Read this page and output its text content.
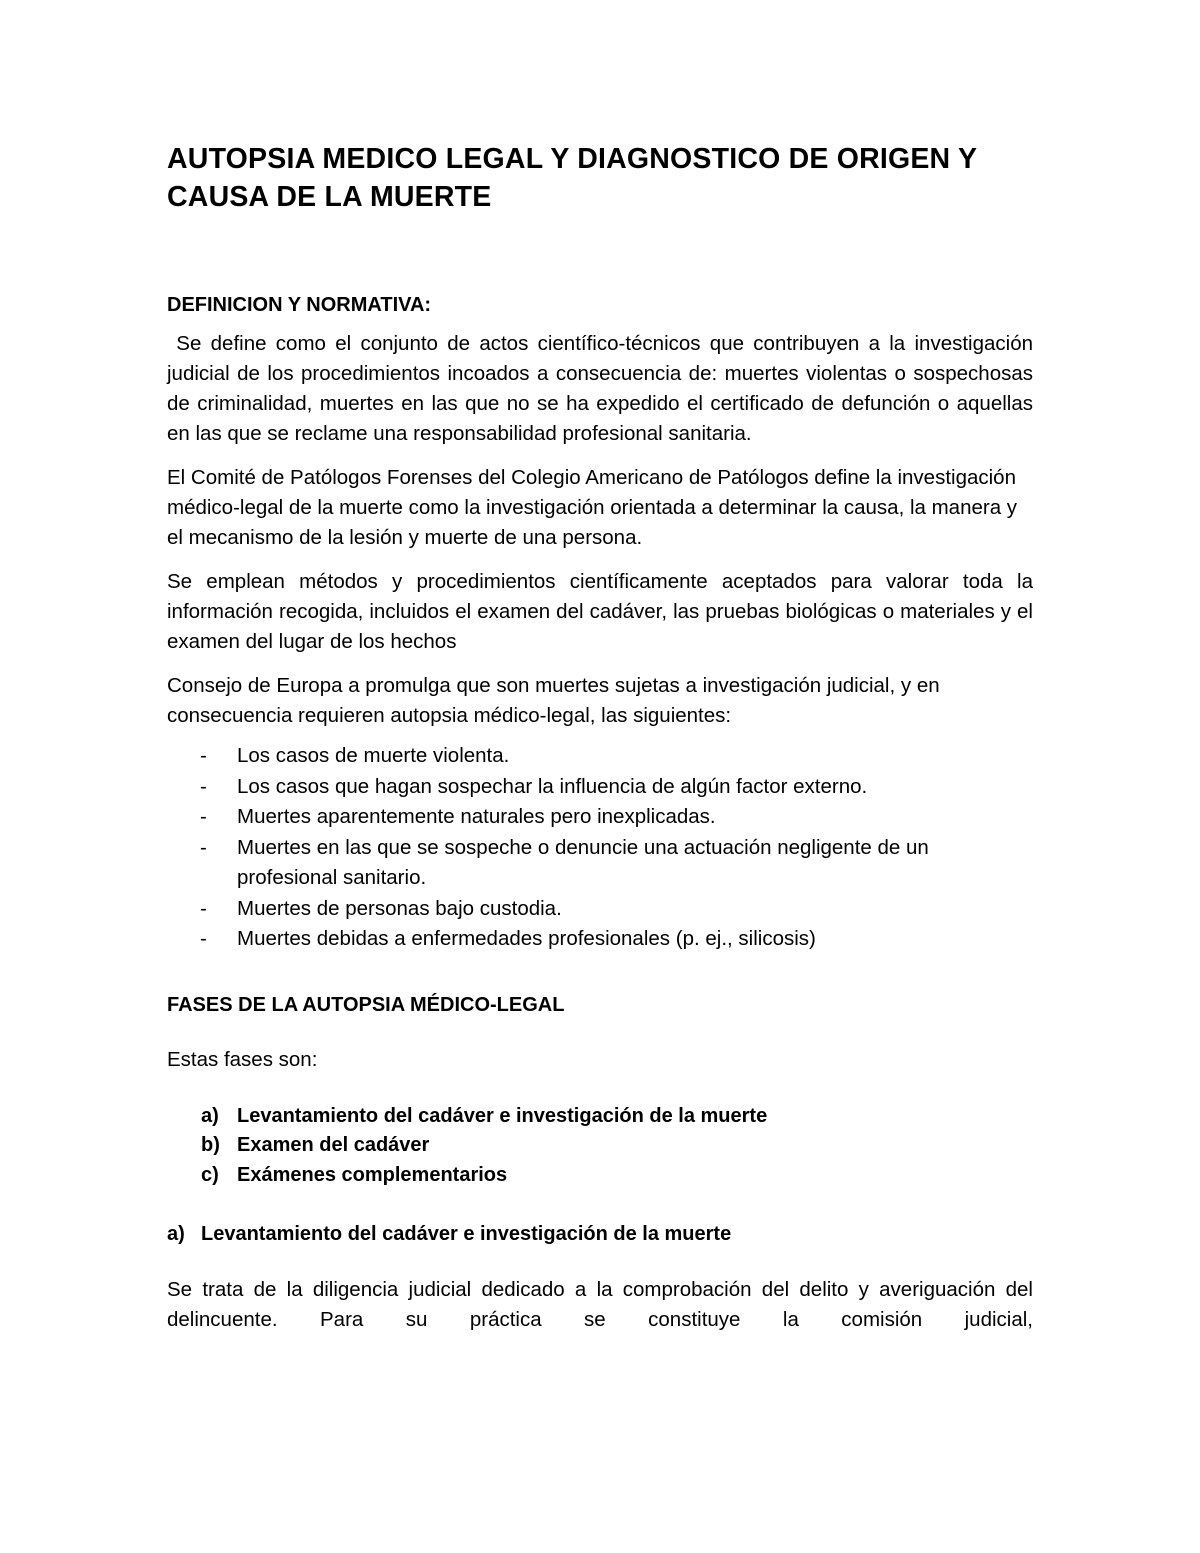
AUTOPSIA MEDICO LEGAL Y DIAGNOSTICO DE ORIGEN Y CAUSA DE LA MUERTE
DEFINICION Y NORMATIVA:

Se define como el conjunto de actos científico-técnicos que contribuyen a la investigación judicial de los procedimientos incoados a consecuencia de: muertes violentas o sospechosas de criminalidad, muertes en las que no se ha expedido el certificado de defunción o aquellas en las que se reclame una responsabilidad profesional sanitaria.

El Comité de Patólogos Forenses del Colegio Americano de Patólogos define la investigación médico-legal de la muerte como la investigación orientada a determinar la causa, la manera y el mecanismo de la lesión y muerte de una persona.

Se emplean métodos y procedimientos científicamente aceptados para valorar toda la información recogida, incluidos el examen del cadáver, las pruebas biológicas o materiales y el examen del lugar de los hechos

Consejo de Europa a promulga que son muertes sujetas a investigación judicial, y en consecuencia requieren autopsia médico-legal, las siguientes:

- Los casos de muerte violenta.
- Los casos que hagan sospechar la influencia de algún factor externo.
- Muertes aparentemente naturales pero inexplicadas.
- Muertes en las que se sospeche o denuncie una actuación negligente de un profesional sanitario.
- Muertes de personas bajo custodia.
- Muertes debidas a enfermedades profesionales (p. ej., silicosis)
FASES DE LA AUTOPSIA MÉDICO-LEGAL

Estas fases son:

a) Levantamiento del cadáver e investigación de la muerte
b) Examen del cadáver
c) Exámenes complementarios
a) Levantamiento del cadáver e investigación de la muerte

Se trata de la diligencia judicial dedicado a la comprobación del delito y averiguación del delincuente. Para su práctica se constituye la comisión judicial,
